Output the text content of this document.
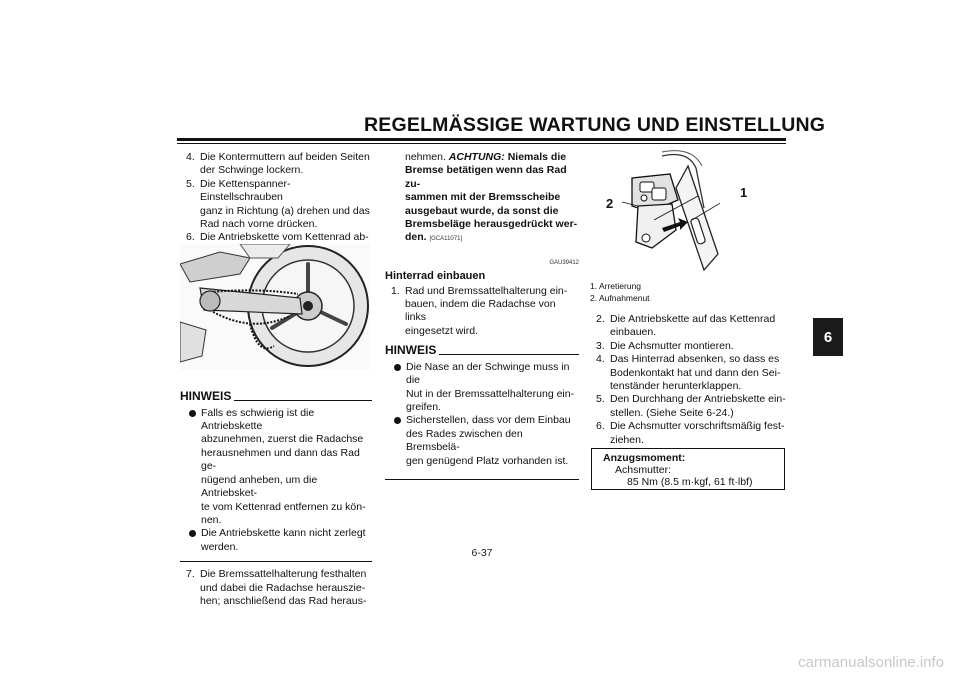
REGELMÄSSIGE WARTUNG UND EINSTELLUNG
6
4. Die Kontermuttern auf beiden Seiten
der Schwinge lockern.
5. Die Kettenspanner-Einstellschrauben
ganz in Richtung (a) drehen und das
Rad nach vorne drücken.
6. Die Antriebskette vom Kettenrad ab-
HINWEIS
Falls es schwierig ist die Antriebskette
abzunehmen, zuerst die Radachse
herausnehmen und dann das Rad ge-
nügend anheben, um die Antriebsket-
te vom Kettenrad entfernen zu kön-
nen.
Die Antriebskette kann nicht zerlegt
werden.
7. Die Bremssattelhalterung festhalten
und dabei die Radachse herauszie-
hen; anschließend das Rad heraus-
nehmen. ACHTUNG: Niemals die
Bremse betätigen wenn das Rad zu-
sammen mit der Bremsscheibe
ausgebaut wurde, da sonst die
Bremsbeläge herausgedrückt wer-
den. [GCA11071]
GAU39412
Hinterrad einbauen
1. Rad und Bremssattelhalterung ein-
bauen, indem die Radachse von links
eingesetzt wird.
HINWEIS
Die Nase an der Schwinge muss in die
Nut in der Bremssattelhalterung ein-
greifen.
Sicherstellen, dass vor dem Einbau
des Rades zwischen den Bremsbelä-
gen genügend Platz vorhanden ist.
1
2
1. Arretierung
2. Aufnahmenut
2. Die Antriebskette auf das Kettenrad
einbauen.
3. Die Achsmutter montieren.
4. Das Hinterrad absenken, so dass es
Bodenkontakt hat und dann den Sei-
tenständer herunterklappen.
5. Den Durchhang der Antriebskette ein-
stellen. (Siehe Seite 6-24.)
6. Die Achsmutter vorschriftsmäßig fest-
ziehen.
Anzugsmoment:
Achsmutter:
85 Nm (8.5 m·kgf, 61 ft·lbf)
6-37
carmanualsonline.info
